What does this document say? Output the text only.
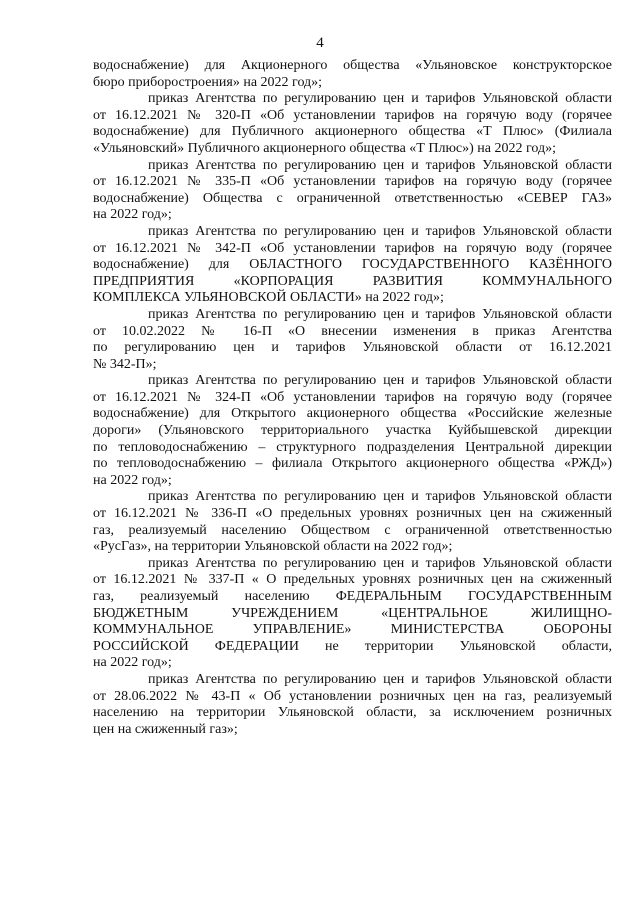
4
водоснабжение) для Акционерного общества «Ульяновское конструкторское
бюро приборостроения» на 2022 год»;
приказ Агентства по регулированию цен и тарифов Ульяновской области
от 16.12.2021 № 320-П «Об установлении тарифов на горячую воду (горячее
водоснабжение) для Публичного акционерного общества «Т Плюс» (Филиала
«Ульяновский» Публичного акционерного общества «Т Плюс») на 2022 год»;
приказ Агентства по регулированию цен и тарифов Ульяновской области
от 16.12.2021 № 335-П «Об установлении тарифов на горячую воду (горячее
водоснабжение) Общества с ограниченной ответственностью «СЕВЕР ГАЗ»
на 2022 год»;
приказ Агентства по регулированию цен и тарифов Ульяновской области
от 16.12.2021 № 342-П «Об установлении тарифов на горячую воду (горячее
водоснабжение) для ОБЛАСТНОГО ГОСУДАРСТВЕННОГО КАЗЁННОГО
ПРЕДПРИЯТИЯ «КОРПОРАЦИЯ РАЗВИТИЯ КОММУНАЛЬНОГО
КОМПЛЕКСА УЛЬЯНОВСКОЙ ОБЛАСТИ» на 2022 год»;
приказ Агентства по регулированию цен и тарифов Ульяновской области
от 10.02.2022 № 16-П «О внесении изменения в приказ Агентства
по регулированию цен и тарифов Ульяновской области от 16.12.2021
№ 342-П»;
приказ Агентства по регулированию цен и тарифов Ульяновской области
от 16.12.2021 № 324-П «Об установлении тарифов на горячую воду (горячее
водоснабжение) для Открытого акционерного общества «Российские железные
дороги» (Ульяновского территориального участка Куйбышевской дирекции
по тепловодоснабжению – структурного подразделения Центральной дирекции
по тепловодоснабжению – филиала Открытого акционерного общества «РЖД»)
на 2022 год»;
приказ Агентства по регулированию цен и тарифов Ульяновской области
от 16.12.2021 № 336-П «О предельных уровнях розничных цен на сжиженный
газ, реализуемый населению Обществом с ограниченной ответственностью
«РусГаз», на территории Ульяновской области на 2022 год»;
приказ Агентства по регулированию цен и тарифов Ульяновской области
от 16.12.2021 № 337-П « О предельных уровнях розничных цен на сжиженный
газ, реализуемый населению ФЕДЕРАЛЬНЫМ ГОСУДАРСТВЕННЫМ
БЮДЖЕТНЫМ УЧРЕЖДЕНИЕМ «ЦЕНТРАЛЬНОЕ ЖИЛИЩНО-
КОММУНАЛЬНОЕ УПРАВЛЕНИЕ» МИНИСТЕРСТВА ОБОРОНЫ
РОССИЙСКОЙ ФЕДЕРАЦИИ не территории Ульяновской области,
на 2022 год»;
приказ Агентства по регулированию цен и тарифов Ульяновской области
от 28.06.2022 № 43-П « Об установлении розничных цен на газ, реализуемый
населению на территории Ульяновской области, за исключением розничных
цен на сжиженный газ»;
